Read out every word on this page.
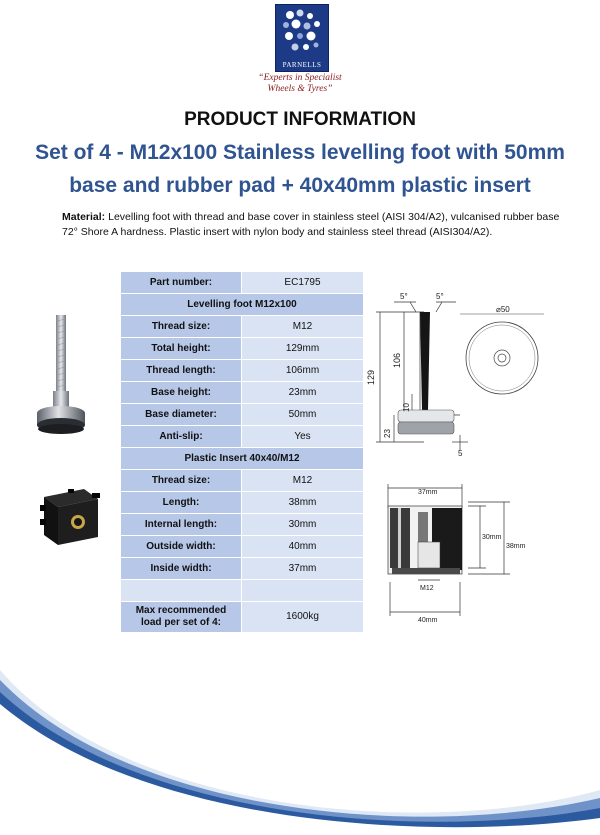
PARNELLS
“Experts in Specialist
Wheels & Tyres”
PRODUCT INFORMATION
Set of 4 - M12x100 Stainless levelling foot with 50mm
base and rubber pad + 40x40mm plastic insert
Material: Levelling foot with thread and base cover in stainless steel (AISI 304/A2), vulcanised rubber base 72° Shore A hardness. Plastic insert with nylon body and stainless steel thread (AISI304/A2).
Part number:	EC1795
Levelling foot M12x100	
Thread size:	M12
Total height:	129mm
Thread length:	106mm
Base height:	23mm
Base diameter:	50mm
Anti-slip:	Yes
Plastic Insert 40x40/M12	
Thread size:	M12
Length:	38mm
Internal length:	30mm
Outside width:	40mm
Inside width:	37mm

Max recommended load per set of 4:	1600kg
5°	5°
129
106
10
23
5
⌀50
37mm
30mm
38mm
M12
40mm
